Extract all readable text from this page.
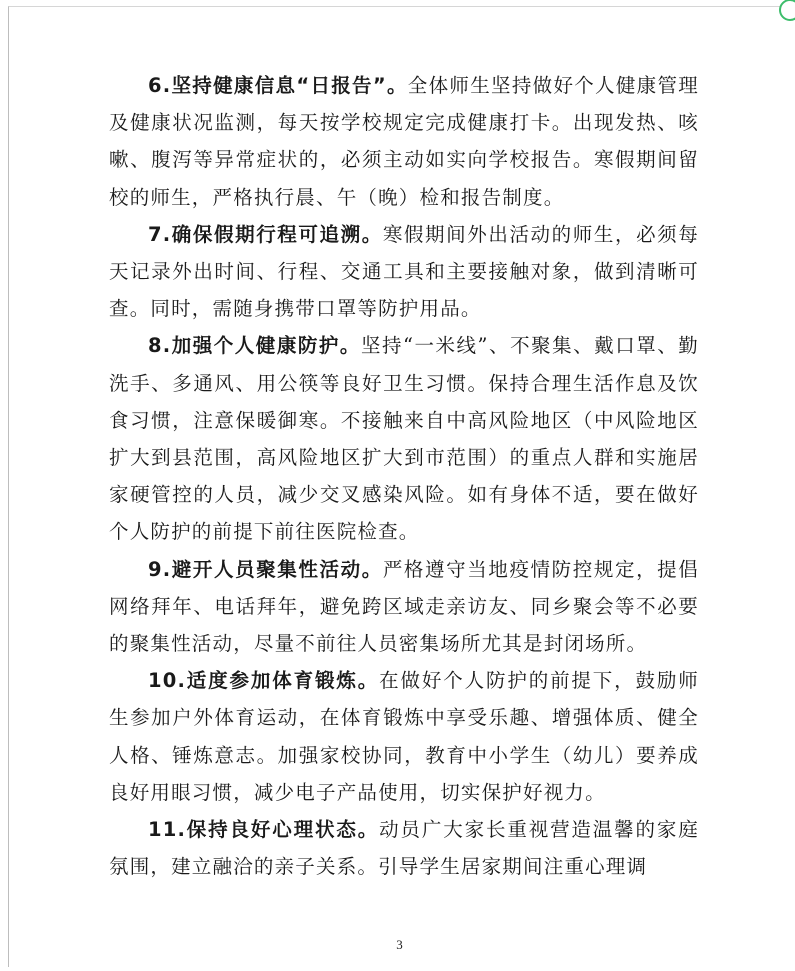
6.坚持健康信息“日报告”。全体师生坚持做好个人健康管理及健康状况监测，每天按学校规定完成健康打卡。出现发热、咳嗽、腹泻等异常症状的，必须主动如实向学校报告。寒假期间留校的师生，严格执行晨、午（晚）检和报告制度。

7.确保假期行程可追溯。寒假期间外出活动的师生，必须每天记录外出时间、行程、交通工具和主要接触对象，做到清晰可查。同时，需随身携带口罩等防护用品。

8.加强个人健康防护。坚持“一米线”、不聚集、戴口罩、勤洗手、多通风、用公筷等良好卫生习惯。保持合理生活作息及饮食习惯，注意保暖御寒。不接触来自中高风险地区（中风险地区扩大到县范围，高风险地区扩大到市范围）的重点人群和实施居家硬管控的人员，减少交叉感染风险。如有身体不适，要在做好个人防护的前提下前往医院检查。

9.避开人员聚集性活动。严格遵守当地疫情防控规定，提倡网络拜年、电话拜年，避免跨区域走亲访友、同乡聚会等不必要的聚集性活动，尽量不前往人员密集场所尤其是封闭场所。

10.适度参加体育锻炼。在做好个人防护的前提下，鼓励师生参加户外体育运动，在体育锻炼中享受乐趣、增强体质、健全人格、锤炼意志。加强家校协同，教育中小学生（幼儿）要养成良好用眼习惯，减少电子产品使用，切实保护好视力。

11.保持良好心理状态。动员广大家长重视营造温馨的家庭氛围，建立融洽的亲子关系。引导学生居家期间注重心理调

3
